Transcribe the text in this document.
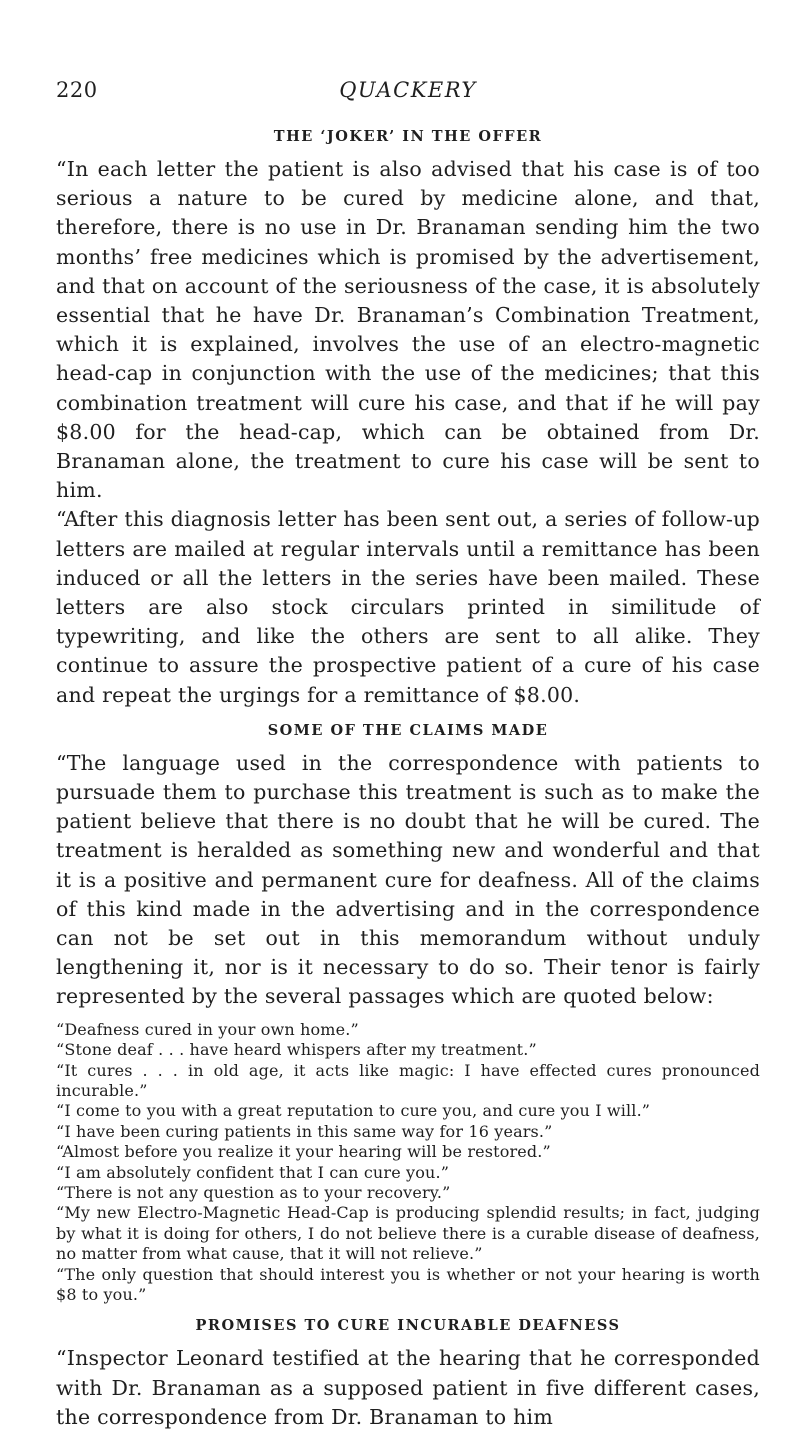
220	QUACKERY
THE ‘JOKER’ IN THE OFFER

“In each letter the patient is also advised that his case is of too serious a nature to be cured by medicine alone, and that, therefore, there is no use in Dr. Branaman sending him the two months’ free medicines which is promised by the advertisement, and that on account of the seriousness of the case, it is absolutely essential that he have Dr. Branaman’s Combination Treatment, which it is explained, involves the use of an electro-magnetic head-cap in conjunction with the use of the medicines; that this combination treatment will cure his case, and that if he will pay $8.00 for the head-cap, which can be obtained from Dr. Branaman alone, the treatment to cure his case will be sent to him.

“After this diagnosis letter has been sent out, a series of follow-up letters are mailed at regular intervals until a remittance has been induced or all the letters in the series have been mailed. These letters are also stock circulars printed in similitude of typewriting, and like the others are sent to all alike. They continue to assure the prospective patient of a cure of his case and repeat the urgings for a remittance of $8.00.

SOME OF THE CLAIMS MADE

“The language used in the correspondence with patients to pursuade them to purchase this treatment is such as to make the patient believe that there is no doubt that he will be cured. The treatment is heralded as something new and wonderful and that it is a positive and permanent cure for deafness. All of the claims of this kind made in the advertising and in the correspondence can not be set out in this memorandum without unduly lengthening it, nor is it necessary to do so. Their tenor is fairly represented by the several passages which are quoted below:

“Deafness cured in your own home.”

“Stone deaf . . . have heard whispers after my treatment.”

“It cures . . . in old age, it acts like magic: I have effected cures pronounced incurable.”

“I come to you with a great reputation to cure you, and cure you I will.”

“I have been curing patients in this same way for 16 years.”

“Almost before you realize it your hearing will be restored.”

“I am absolutely confident that I can cure you.”

“There is not any question as to your recovery.”

“My new Electro-Magnetic Head-Cap is producing splendid results; in fact, judging by what it is doing for others, I do not believe there is a curable disease of deafness, no matter from what cause, that it will not relieve.”

“The only question that should interest you is whether or not your hearing is worth $8 to you.”

PROMISES TO CURE INCURABLE DEAFNESS

“Inspector Leonard testified at the hearing that he corresponded with Dr. Branaman as a supposed patient in five different cases, the correspondence from Dr. Branaman to him
